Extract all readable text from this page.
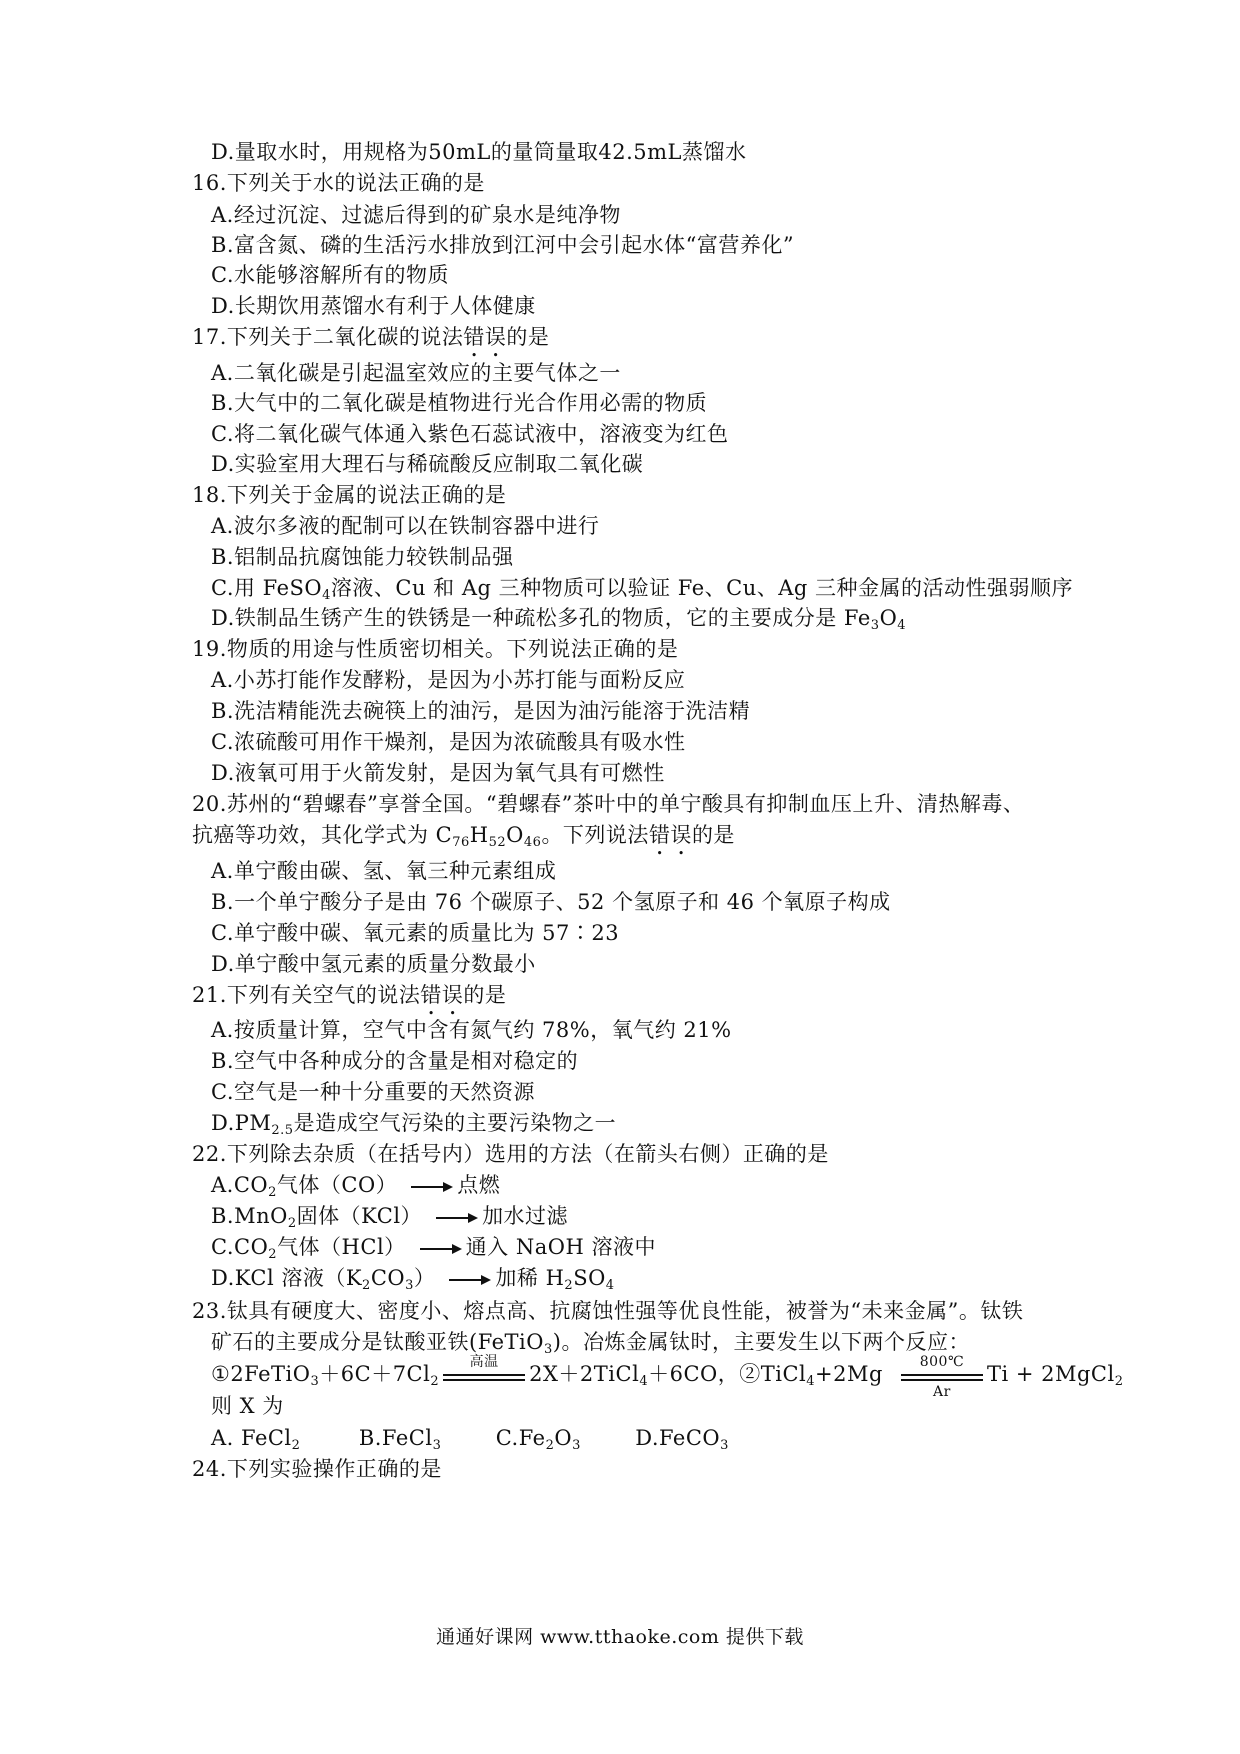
D.量取水时，用规格为50mL的量筒量取42.5mL蒸馏水
16.下列关于水的说法正确的是
A.经过沉淀、过滤后得到的矿泉水是纯净物
B.富含氮、磷的生活污水排放到江河中会引起水体“富营养化”
C.水能够溶解所有的物质
D.长期饮用蒸馏水有利于人体健康
17.下列关于二氧化碳的说法错误的是
A.二氧化碳是引起温室效应的主要气体之一
B.大气中的二氧化碳是植物进行光合作用必需的物质
C.将二氧化碳气体通入紫色石蕊试液中，溶液变为红色
D.实验室用大理石与稀硫酸反应制取二氧化碳
18.下列关于金属的说法正确的是
A.波尔多液的配制可以在铁制容器中进行
B.铝制品抗腐蚀能力较铁制品强
C.用 FeSO$_4$溶液、Cu 和 Ag 三种物质可以验证 Fe、Cu、Ag 三种金属的活动性强弱顺序
D.铁制品生锈产生的铁锈是一种疏松多孔的物质，它的主要成分是 $Fe_3O_4$
19.物质的用途与性质密切相关。下列说法正确的是
A.小苏打能作发酵粉，是因为小苏打能与面粉反应
B.洗洁精能洗去碗筷上的油污，是因为油污能溶于洗洁精
C.浓硫酸可用作干燥剂，是因为浓硫酸具有吸水性
D.液氧可用于火箭发射，是因为氧气具有可燃性
20.苏州的“碧螺春”享誉全国。“碧螺春”茶叶中的单宁酸具有抑制血压上升、清热解毒、
抗癌等功效，其化学式为 $C_{76}H_{52}O_{46}$。下列说法错误的是
A.单宁酸由碳、氢、氧三种元素组成
B.一个单宁酸分子是由 76 个碳原子、52 个氢原子和 46 个氧原子构成
C.单宁酸中碳、氧元素的质量比为 57∶23
D.单宁酸中氢元素的质量分数最小
21.下列有关空气的说法错误的是
A.按质量计算，空气中含有氮气约 78%，氧气约 21%
B.空气中各种成分的含量是相对稳定的
C.空气是一种十分重要的天然资源
$D.PM_{2.5}$是造成空气污染的主要污染物之一
22.下列除去杂质（在括号内）选用的方法（在箭头右侧）正确的是
$A.CO_2$气体（CO）	点燃
B.MnO$_2$固体（KCl）	加水过滤
$C.CO_2$气体（HCl）	通入 NaOH 溶液中
D.KCl 溶液$(K_2CO_3)$	加稀 $H_2SO_4$
23.钛具有硬度大、密度小、熔点高、抗腐蚀性强等优良性能，被誉为“未来金属”。钛铁
矿石的主要成分是钛酸亚铁(FeTiO$_3$)。冶炼金属钛时，主要发生以下两个反应：
$①2FeTiO_3+6C+7Cl_2$
高温
2X＋2TiCl$_4$＋6CO，②TiCl$_4$+2Mg $\frac{800℃}{Ar}$ Ti + 2MgCl$_2$
则 X 为
A. FeCl$_2$	B.FeCl$_3$	$C.Fe_2O_3$	D.FeCO$_3$
24.下列实验操作正确的是
通通好课网 www.tthaoke.com 提供下载
